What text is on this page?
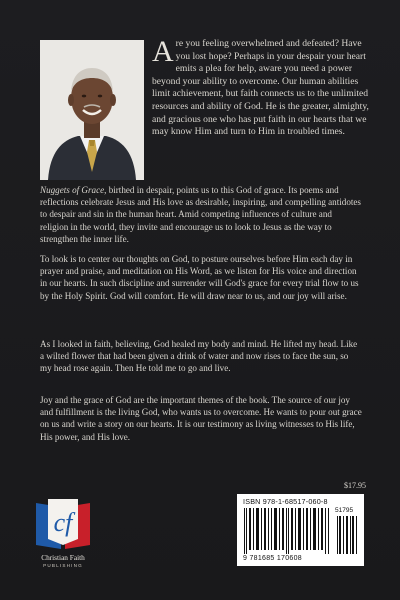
Are you feeling overwhelmed and defeated? Have you lost hope? Perhaps in your despair your heart emits a plea for help, aware you need a power beyond your ability to overcome. Our human abilities limit achievement, but faith connects us to the unlimited resources and ability of God. He is the greater, almighty, and gracious one who has put faith in our hearts that we may know Him and turn to Him in troubled times.

Nuggets of Grace, birthed in despair, points us to this God of grace. Its poems and reflections celebrate Jesus and His love as desirable, inspiring, and compelling antidotes to despair and sin in the human heart. Amid competing influences of culture and religion in the world, they invite and encourage us to look to Jesus as the way to strengthen the inner life.

To look is to center our thoughts on God, to posture ourselves before Him each day in prayer and praise, and meditation on His Word, as we listen for His voice and direction in our hearts. In such discipline and surrender will God's grace for every trial flow to us by the Holy Spirit. God will comfort. He will draw near to us, and our joy will arise.

As I looked in faith, believing, God healed my body and mind. He lifted my head. Like a wilted flower that had been given a drink of water and now rises to face the sun, so my head rose again. Then He told me to go and live.

Joy and the grace of God are the important themes of the book. The source of our joy and fulfillment is the living God, who wants us to overcome. He wants to pour out grace on us and write a story on our hearts. It is our testimony as living witnesses to His life, His power, and His love.

cf
Christian Faith
PUBLISHING
$17.95
ISBN 978-1-68517-060-8
51795
9 781685 170608
